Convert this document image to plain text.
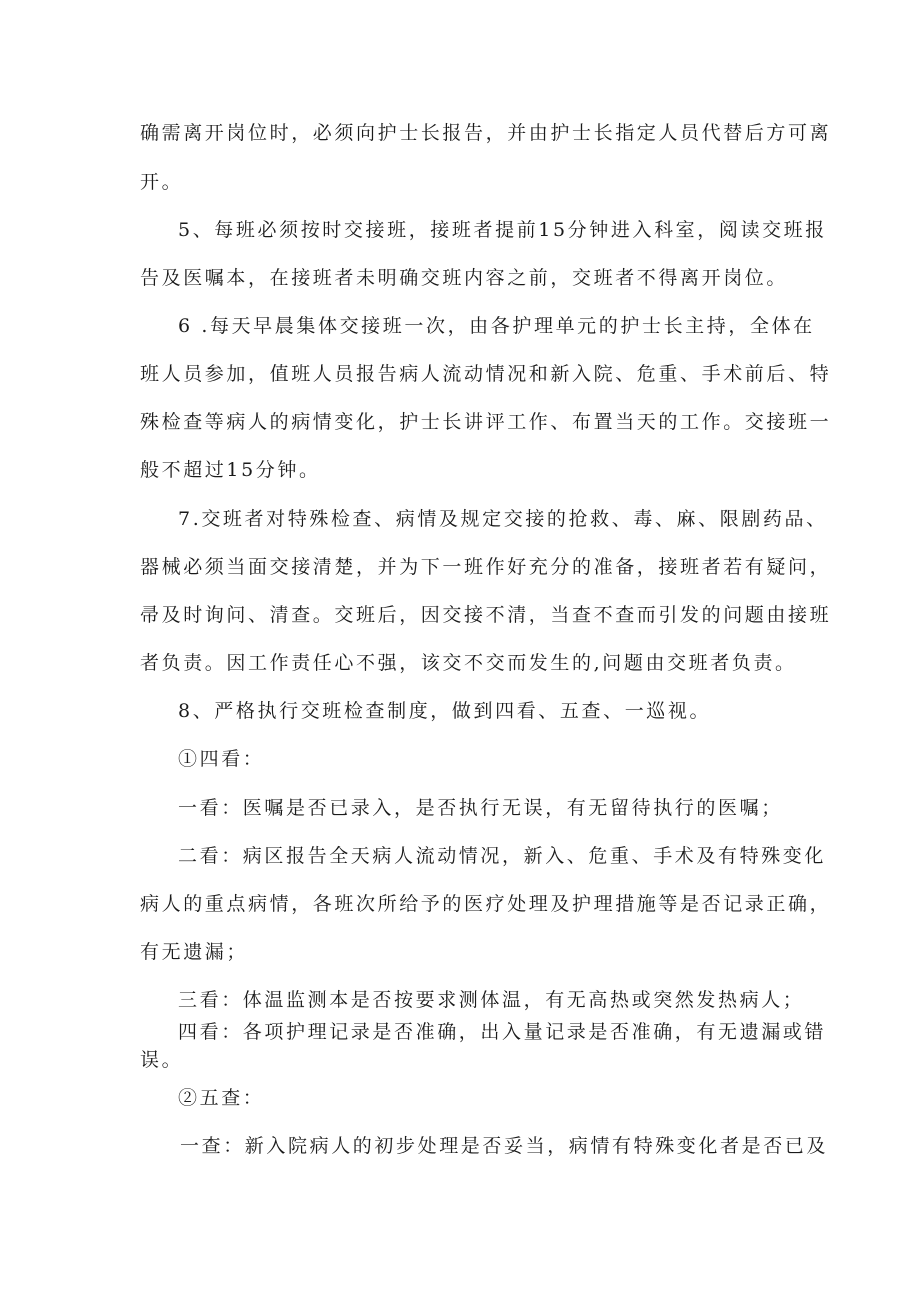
确需离开岗位时，必须向护士长报告，并由护士长指定人员代替后方可离
开。
5、每班必须按时交接班，接班者提前15分钟进入科室，阅读交班报
告及医嘱本，在接班者未明确交班内容之前，交班者不得离开岗位。
6 .每天早晨集体交接班一次，由各护理单元的护士长主持，全体在
班人员参加，值班人员报告病人流动情况和新入院、危重、手术前后、特
殊检查等病人的病情变化，护士长讲评工作、布置当天的工作。交接班一
般不超过15分钟。
7.交班者对特殊检查、病情及规定交接的抢救、毒、麻、限剧药品、
器械必须当面交接清楚，并为下一班作好充分的准备，接班者若有疑问，
帚及时询问、清查。交班后，因交接不清，当查不查而引发的问题由接班
者负责。因工作责任心不强，该交不交而发生的,问题由交班者负责。
8、严格执行交班检查制度，做到四看、五查、一巡视。
①四看：
一看：医嘱是否已录入，是否执行无误，有无留待执行的医嘱；
二看：病区报告全天病人流动情况，新入、危重、手术及有特殊变化
病人的重点病情，各班次所给予的医疗处理及护理措施等是否记录正确，
有无遗漏；
三看：体温监测本是否按要求测体温，有无高热或突然发热病人；
四看：各项护理记录是否准确，出入量记录是否准确，有无遗漏或错
误。
②五查：
一查：新入院病人的初步处理是否妥当，病情有特殊变化者是否已及
